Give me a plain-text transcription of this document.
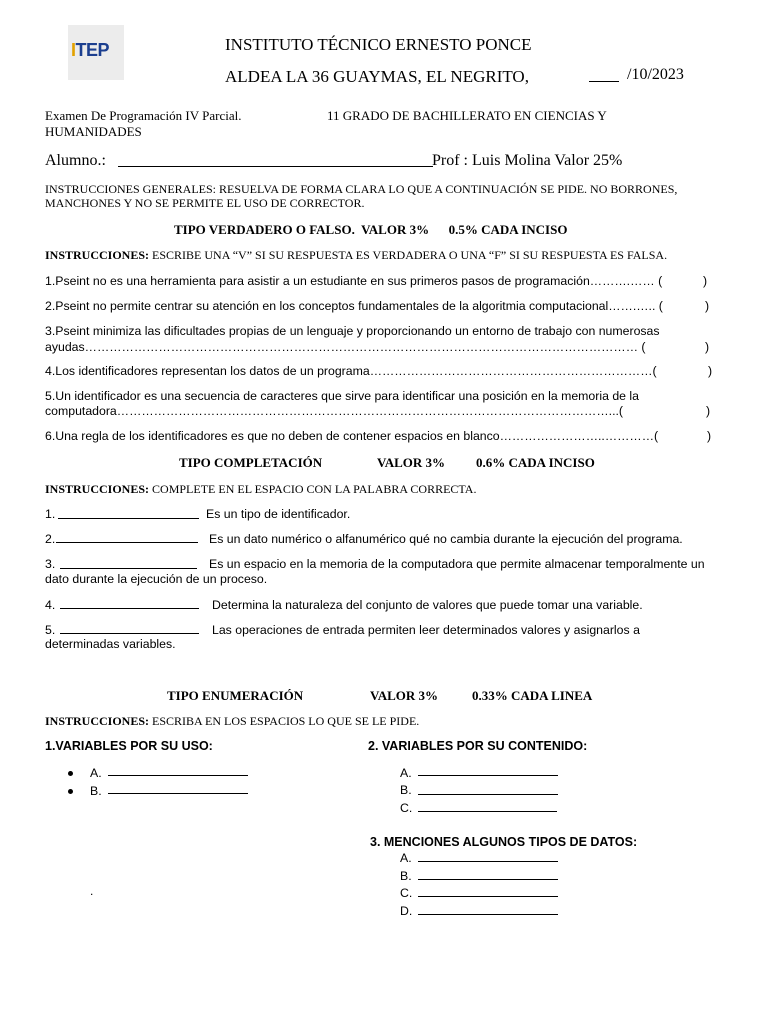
ITEP	INSTITUTO TÉCNICO ERNESTO PONCE
ALDEA LA 36 GUAYMAS, EL NEGRITO,	/10/2023
Examen De Programación IV Parcial.	11 GRADO DE BACHILLERATO EN CIENCIAS Y
HUMANIDADES
Alumno.:	Prof : Luis Molina Valor 25%
INSTRUCCIONES GENERALES: RESUELVA DE FORMA CLARA LO QUE A CONTINUACIÓN SE PIDE. NO BORRONES,
MANCHONES Y NO SE PERMITE EL USO DE CORRECTOR.
TIPO VERDADERO O FALSO.  VALOR 3%      0.5% CADA INCISO
INSTRUCCIONES: ESCRIBE UNA “V” SI SU RESPUESTA ES VERDADERA O UNA “F” SI SU RESPUESTA ES FALSA.
1.Pseint no es una herramienta para asistir a un estudiante en sus primeros pasos de programación……….…… (	)
2.Pseint no permite centrar su atención en los conceptos fundamentales de la algoritmia computacional…….….. (	)
3.Pseint minimiza las dificultades propias de un lenguaje y proporcionando un entorno de trabajo con numerosas
ayudas……………………………………………………………………………………………………………………… (	)
4.Los identificadores representan los datos de un programa……………………………………………………………(	)
5.Un identificador es una secuencia de caracteres que sirve para identificar una posición en la memoria de la
computadora…………………………………………………………………………………………………………...(	)
6.Una regla de los identificadores es que no deben de contener espacios en blanco……………………..…………(	)
TIPO COMPLETACIÓN	VALOR 3% 0.6% CADA INCISO
INSTRUCCIONES: COMPLETE EN EL ESPACIO CON LA PALABRA CORRECTA.
1.	Es un tipo de identificador.
2.	Es un dato numérico o alfanumérico qué no cambia durante la ejecución del programa.
3.	Es un espacio en la memoria de la computadora que permite almacenar temporalmente un
dato durante la ejecución de un proceso.
4.	Determina la naturaleza del conjunto de valores que puede tomar una variable.
5.	Las operaciones de entrada permiten leer determinados valores y asignarlos a
determinadas variables.
TIPO ENUMERACIÓN	VALOR 3%	0.33% CADA LINEA
INSTRUCCIONES: ESCRIBA EN LOS ESPACIOS LO QUE SE LE PIDE.
1.VARIABLES POR SU USO:	2. VARIABLES POR SU CONTENIDO:
A.
B.
A.
B.
C.
3. MENCIONES ALGUNOS TIPOS DE DATOS:
A.
B.
C.
D.
.
